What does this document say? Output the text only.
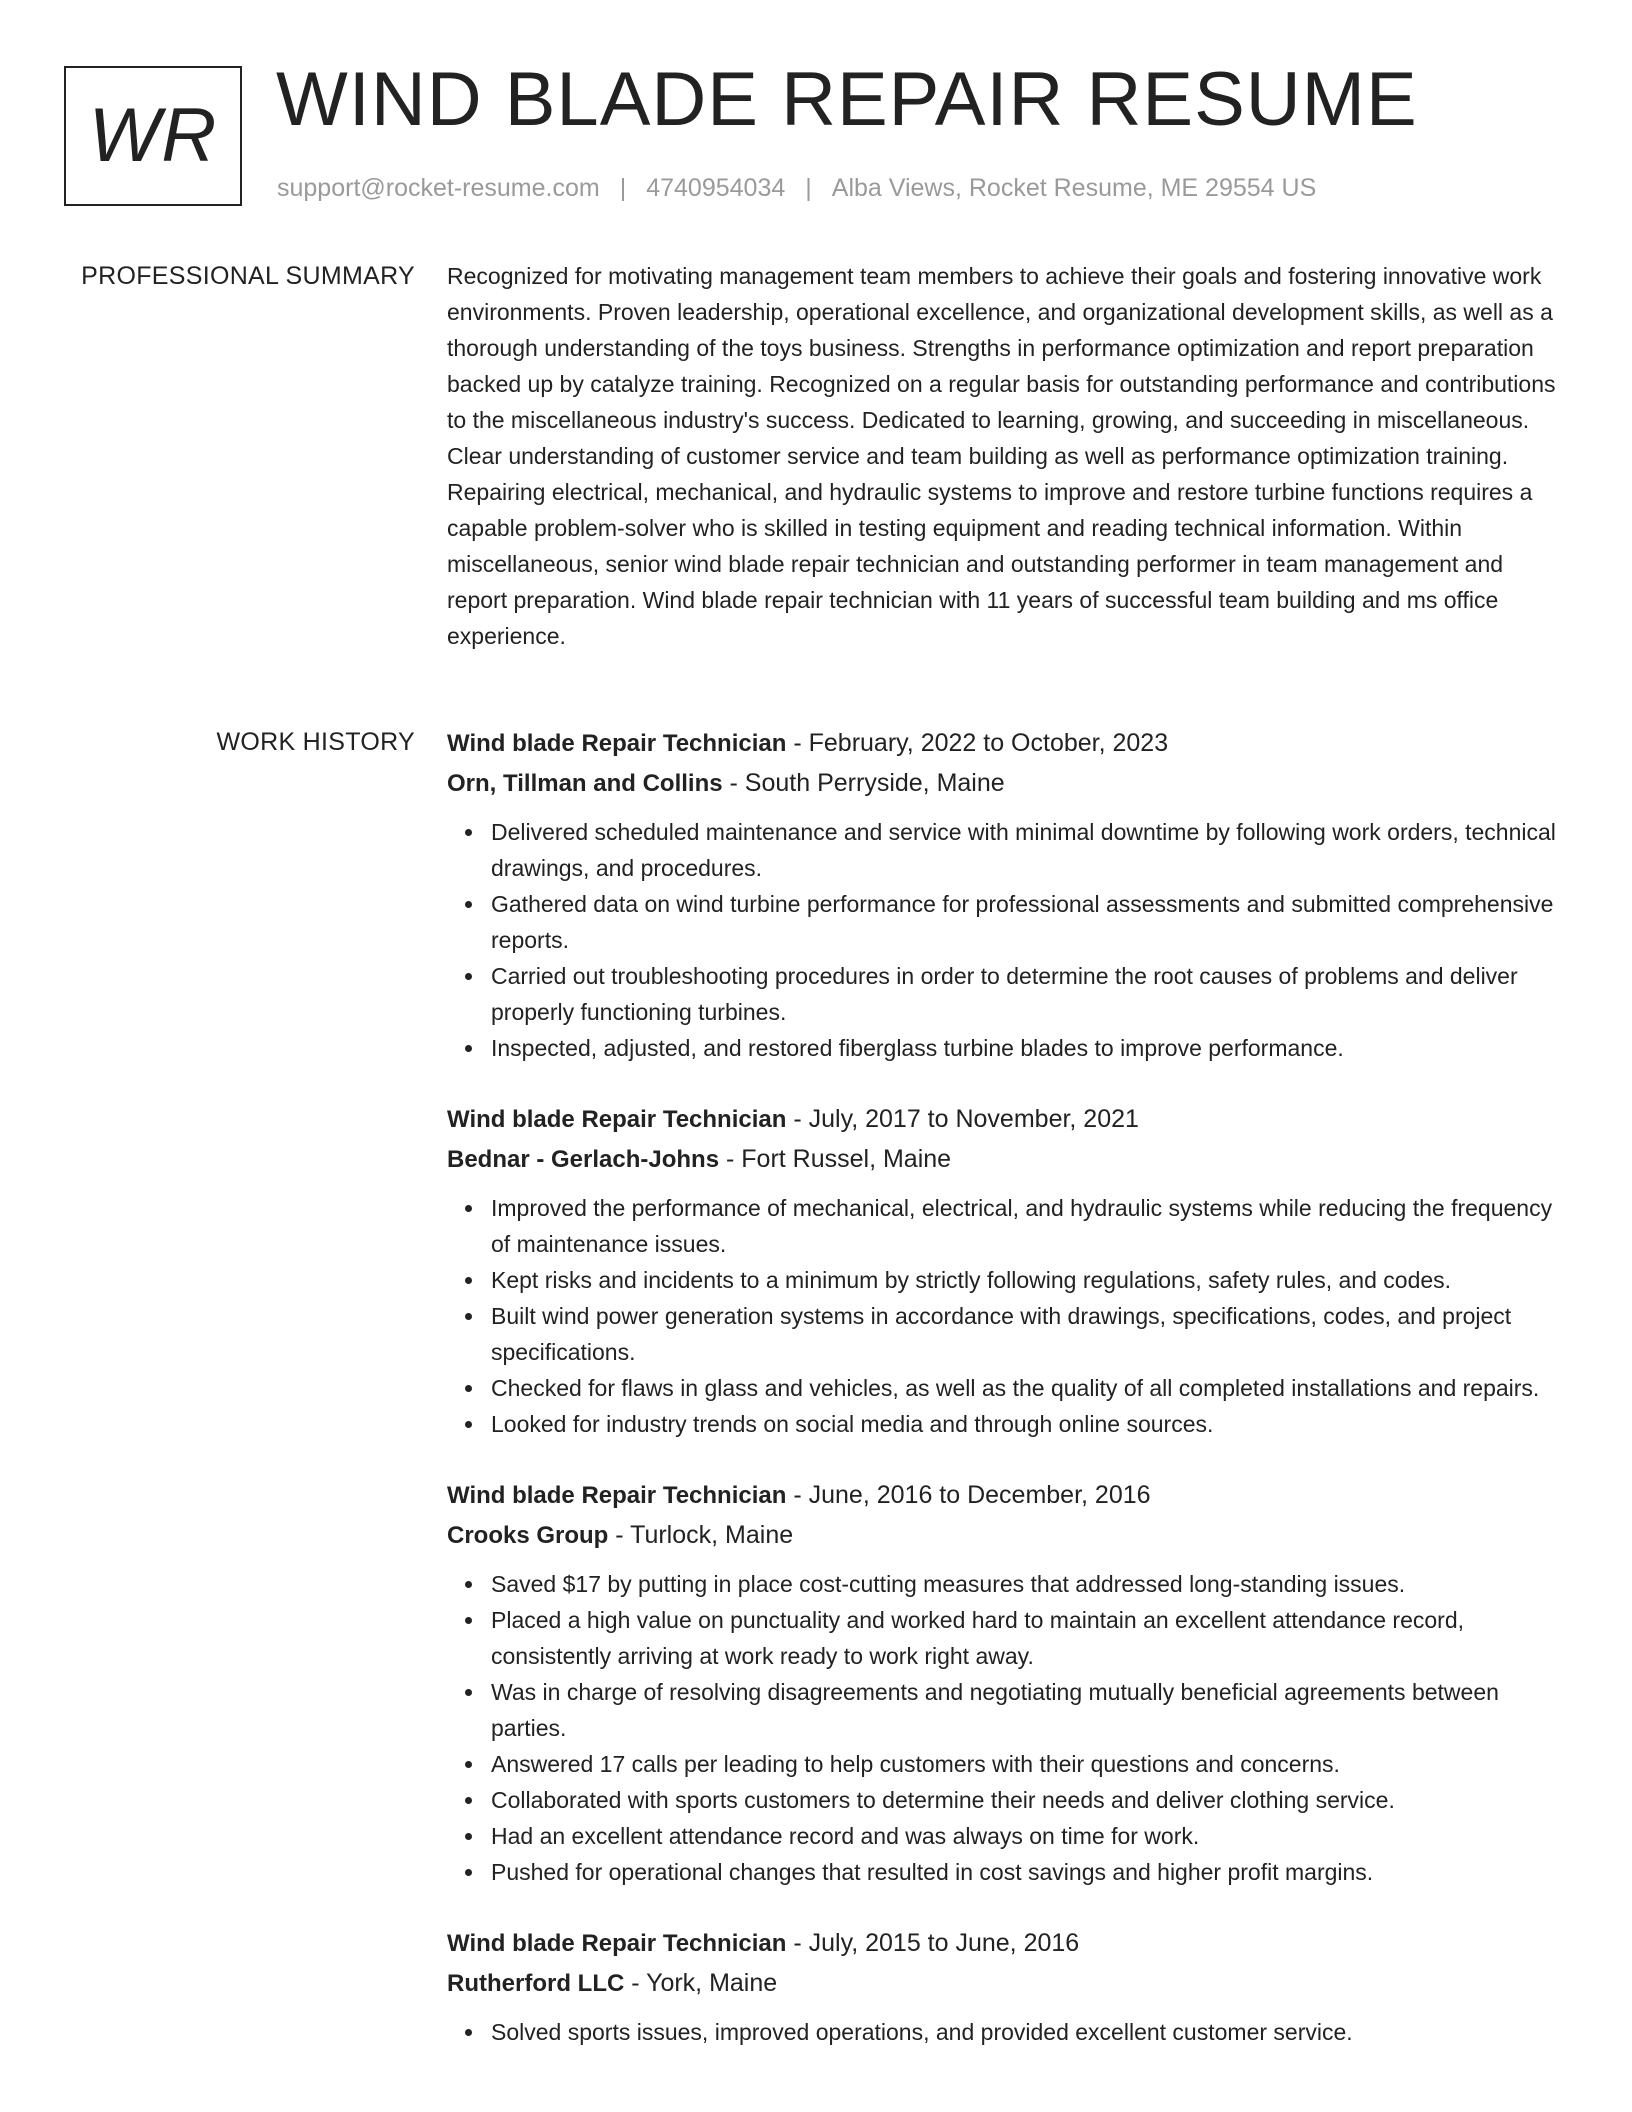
WR WIND BLADE REPAIR RESUME
support@rocket-resume.com | 4740954034 | Alba Views, Rocket Resume, ME 29554 US
PROFESSIONAL SUMMARY Recognized for motivating management team members to achieve their goals and fostering innovative work environments. Proven leadership, operational excellence, and organizational development skills, as well as a thorough understanding of the toys business. Strengths in performance optimization and report preparation backed up by catalyze training. Recognized on a regular basis for outstanding performance and contributions to the miscellaneous industry's success. Dedicated to learning, growing, and succeeding in miscellaneous. Clear understanding of customer service and team building as well as performance optimization training. Repairing electrical, mechanical, and hydraulic systems to improve and restore turbine functions requires a capable problem-solver who is skilled in testing equipment and reading technical information. Within miscellaneous, senior wind blade repair technician and outstanding performer in team management and report preparation. Wind blade repair technician with 11 years of successful team building and ms office experience.

WORK HISTORY Wind blade Repair Technician - February, 2022 to October, 2023
Orn, Tillman and Collins - South Perryside, Maine
Delivered scheduled maintenance and service with minimal downtime by following work orders, technical drawings, and procedures.
Gathered data on wind turbine performance for professional assessments and submitted comprehensive reports.
Carried out troubleshooting procedures in order to determine the root causes of problems and deliver properly functioning turbines.
Inspected, adjusted, and restored fiberglass turbine blades to improve performance.
Wind blade Repair Technician - July, 2017 to November, 2021
Bednar - Gerlach-Johns - Fort Russel, Maine
Improved the performance of mechanical, electrical, and hydraulic systems while reducing the frequency of maintenance issues.
Kept risks and incidents to a minimum by strictly following regulations, safety rules, and codes.
Built wind power generation systems in accordance with drawings, specifications, codes, and project specifications.
Checked for flaws in glass and vehicles, as well as the quality of all completed installations and repairs.
Looked for industry trends on social media and through online sources.
Wind blade Repair Technician - June, 2016 to December, 2016
Crooks Group - Turlock, Maine
Saved $17 by putting in place cost-cutting measures that addressed long-standing issues.
Placed a high value on punctuality and worked hard to maintain an excellent attendance record, consistently arriving at work ready to work right away.
Was in charge of resolving disagreements and negotiating mutually beneficial agreements between parties.
Answered 17 calls per leading to help customers with their questions and concerns.
Collaborated with sports customers to determine their needs and deliver clothing service.
Had an excellent attendance record and was always on time for work.
Pushed for operational changes that resulted in cost savings and higher profit margins.
Wind blade Repair Technician - July, 2015 to June, 2016
Rutherford LLC - York, Maine
Solved sports issues, improved operations, and provided excellent customer service.
